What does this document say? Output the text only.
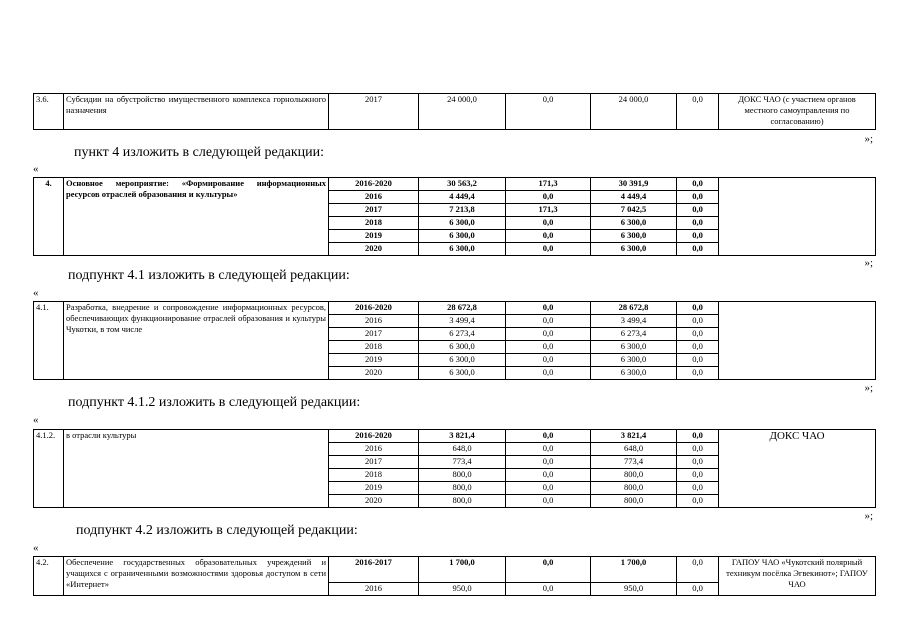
3.6.	Субсидии на обустройство имущественного комплекса горнолыжного назначения	2017	24 000,0	0,0	24 000,0	0,0	ДОКС ЧАО (с участием органов местного самоуправления по согласованию)
»;
пункт 4 изложить в следующей редакции:
«
4.	Основное мероприятие: «Формирование информационных ресурсов отраслей образования и культуры»	2016-2020	30 563,2	171,3	30 391,9	0,0	
		2016	4 449,4	0,0	4 449,4	0,0	
		2017	7 213,8	171,3	7 042,5	0,0	
		2018	6 300,0	0,0	6 300,0	0,0	
		2019	6 300,0	0,0	6 300,0	0,0	
		2020	6 300,0	0,0	6 300,0	0,0	
»;
подпункт 4.1 изложить в следующей редакции:
«
4.1.	Разработка, внедрение и сопровождение информационных ресурсов, обеспечивающих функционирование отраслей образования и культуры Чукотки, в том числе	2016-2020	28 672,8	0,0	28 672,8	0,0	
		2016	3 499,4	0,0	3 499,4	0,0	
		2017	6 273,4	0,0	6 273,4	0,0	
		2018	6 300,0	0,0	6 300,0	0,0	
		2019	6 300,0	0,0	6 300,0	0,0	
		2020	6 300,0	0,0	6 300,0	0,0	
»;
подпункт 4.1.2 изложить в следующей редакции:
«
4.1.2.	в отрасли культуры	2016-2020	3 821,4	0,0	3 821,4	0,0	ДОКС ЧАО
		2016	648,0	0,0	648,0	0,0	
		2017	773,4	0,0	773,4	0,0	
		2018	800,0	0,0	800,0	0,0	
		2019	800,0	0,0	800,0	0,0	
		2020	800,0	0,0	800,0	0,0	
»;
подпункт 4.2 изложить в следующей редакции:
«
4.2.	Обеспечение государственных образовательных учреждений и учащихся с ограниченными возможностями здоровья доступом в сети «Интернет»	2016-2017	1 700,0	0,0	1 700,0	0,0	ГАПОУ ЧАО «Чукотский полярный техникум посёлка Эгвекинот»; ГАПОУ ЧАО
		2016	950,0	0,0	950,0	0,0	
